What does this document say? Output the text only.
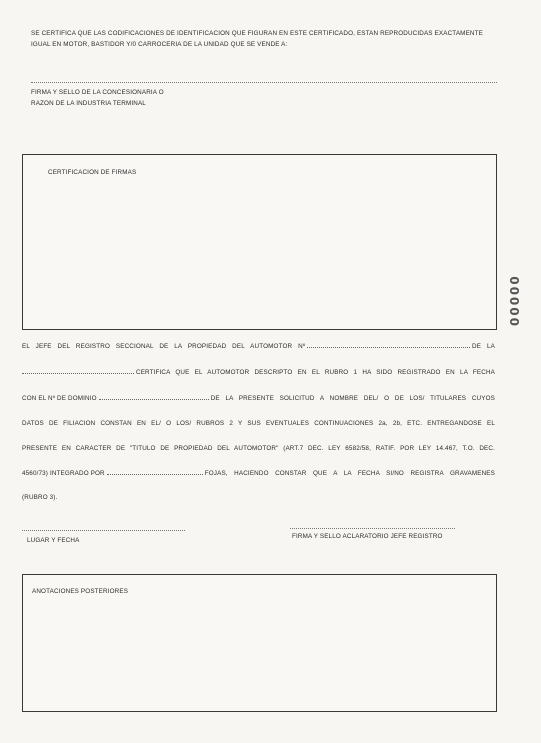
SE CERTIFICA QUE LAS CODIFICACIONES DE IDENTIFICACION QUE FIGURAN EN ESTE CERTIFICADO, ESTAN REPRODUCIDAS EXACTAMENTE IGUAL EN MOTOR, BASTIDOR Y/0 CARROCERIA DE LA UNIDAD QUE SE VENDE A:
FIRMA Y SELLO DE LA CONCESIONARIA O
RAZON DE LA INDUSTRIA TERMINAL
CERTIFICACION DE FIRMAS
00000
EL JEFE DEL REGISTRO SECCIONAL DE LA PROPIEDAD DEL AUTOMOTOR Nº	DE LA
CERTIFICA QUE EL AUTOMOTOR DESCRIPTO EN EL RUBRO 1 HA SIDO REGISTRADO EN LA FECHA
CON EL Nº DE DOMINIO	DE LA PRESENTE SOLICITUD A NOMBRE DEL/ O DE LOS/ TITULARES CUYOS
DATOS DE FILIACION CONSTAN EN EL/ O LOS/ RUBROS 2 Y SUS EVENTUALES CONTINUACIONES 2a, 2b, ETC. ENTREGANDOSE EL
PRESENTE EN CARACTER DE "TITULO DE PROPIEDAD DEL AUTOMOTOR" (ART.7 DEC. LEY 6582/58, RATIF. POR LEY 14.467, T.O. DEC.
4560/73) INTEGRADO POR	FOJAS, HACIENDO CONSTAR QUE A LA FECHA SI/NO REGISTRA GRAVAMENES
(RUBRO 3).
LUGAR Y FECHA
FIRMA Y SELLO ACLARATORIO JEFE REGISTRO
ANOTACIONES POSTERIORES
